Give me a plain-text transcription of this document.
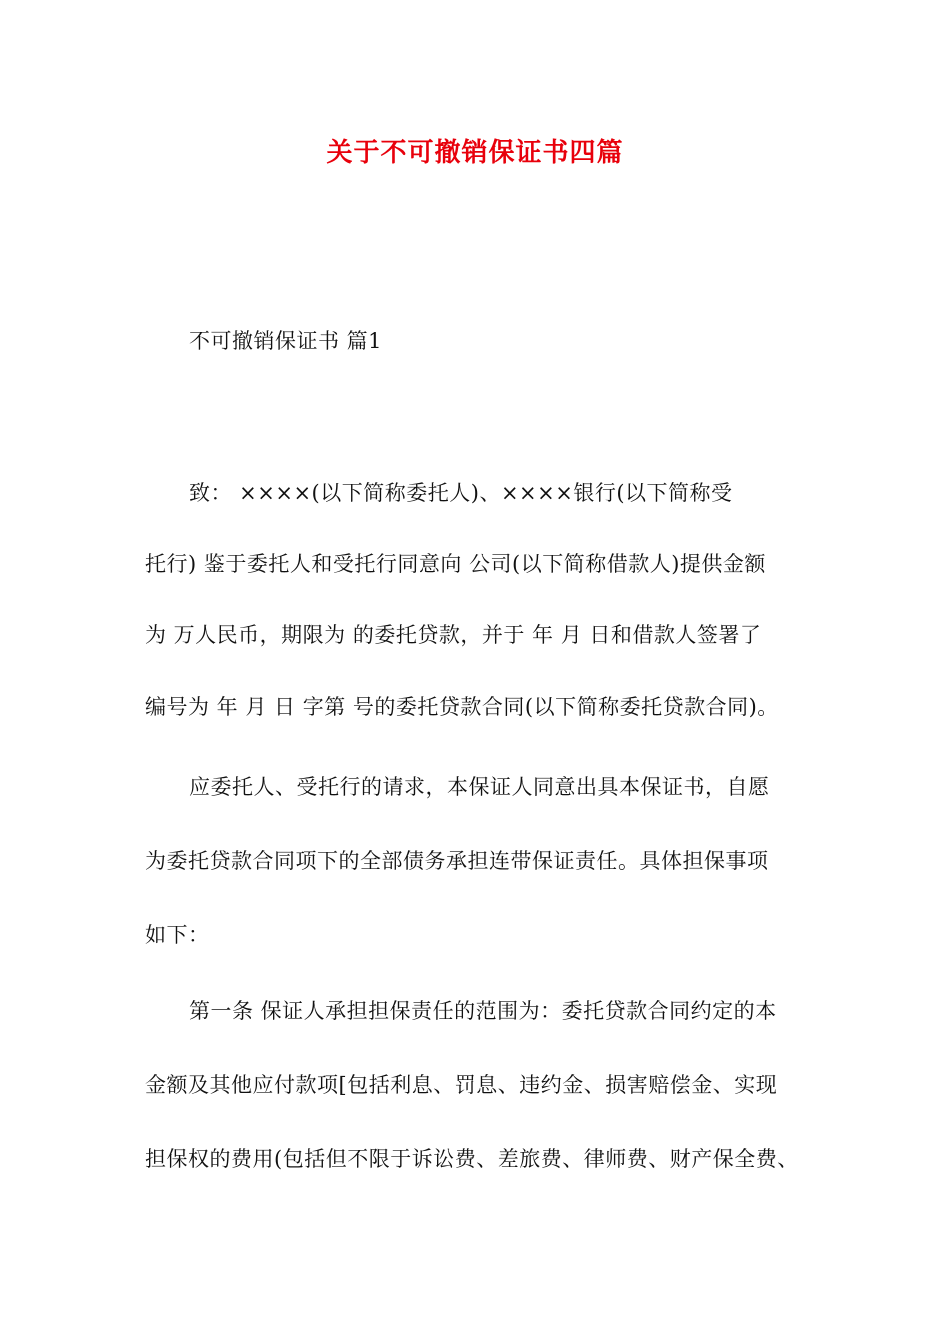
关于不可撤销保证书四篇
不可撤销保证书 篇1
致： ××××(以下简称委托人)、××××银行(以下简称受
托行) 鉴于委托人和受托行同意向 公司(以下简称借款人)提供金额
为 万人民币，期限为 的委托贷款，并于 年 月 日和借款人签署了
编号为 年 月 日 字第 号的委托贷款合同(以下简称委托贷款合同)。
应委托人、受托行的请求，本保证人同意出具本保证书，自愿
为委托贷款合同项下的全部债务承担连带保证责任。具体担保事项
如下：
第一条 保证人承担担保责任的范围为：委托贷款合同约定的本
金额及其他应付款项[包括利息、罚息、违约金、损害赔偿金、实现
担保权的费用(包括但不限于诉讼费、差旅费、律师费、财产保全费、
